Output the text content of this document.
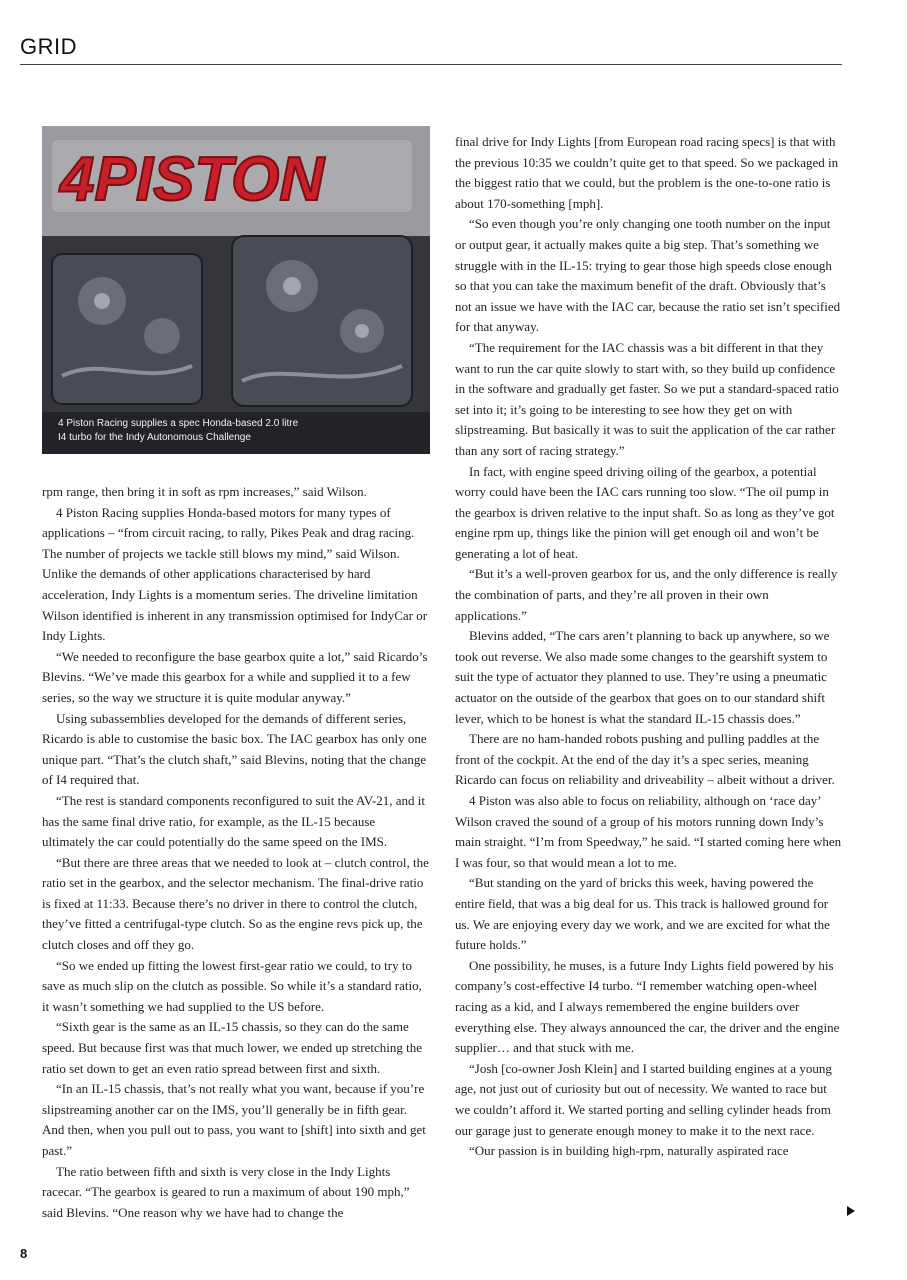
GRID
4PISTON
4 Piston Racing supplies a spec Honda-based 2.0 litre
I4 turbo for the Indy Autonomous Challenge

rpm range, then bring it in soft as rpm increases,” said Wilson.

4 Piston Racing supplies Honda-based motors for many types of applications – “from circuit racing, to rally, Pikes Peak and drag racing. The number of projects we tackle still blows my mind,” said Wilson. Unlike the demands of other applications characterised by hard acceleration, Indy Lights is a momentum series. The driveline limitation Wilson identified is inherent in any transmission optimised for IndyCar or Indy Lights.

“We needed to reconfigure the base gearbox quite a lot,” said Ricardo’s Blevins. “We’ve made this gearbox for a while and supplied it to a few series, so the way we structure it is quite modular anyway.”

Using subassemblies developed for the demands of different series, Ricardo is able to customise the basic box. The IAC gearbox has only one unique part. “That’s the clutch shaft,” said Blevins, noting that the change of I4 required that.

“The rest is standard components reconfigured to suit the AV-21, and it has the same final drive ratio, for example, as the IL-15 because ultimately the car could potentially do the same speed on the IMS.

“But there are three areas that we needed to look at – clutch control, the ratio set in the gearbox, and the selector mechanism. The final-drive ratio is fixed at 11:33. Because there’s no driver in there to control the clutch, they’ve fitted a centrifugal-type clutch. So as the engine revs pick up, the clutch closes and off they go.

“So we ended up fitting the lowest first-gear ratio we could, to try to save as much slip on the clutch as possible. So while it’s a standard ratio, it wasn’t something we had supplied to the US before.

“Sixth gear is the same as an IL-15 chassis, so they can do the same speed. But because first was that much lower, we ended up stretching the ratio set down to get an even ratio spread between first and sixth.

“In an IL-15 chassis, that’s not really what you want, because if you’re slipstreaming another car on the IMS, you’ll generally be in fifth gear. And then, when you pull out to pass, you want to [shift] into sixth and get past.”

The ratio between fifth and sixth is very close in the Indy Lights racecar. “The gearbox is geared to run a maximum of about 190 mph,” said Blevins. “One reason why we have had to change the

final drive for Indy Lights [from European road racing specs] is that with the previous 10:35 we couldn’t quite get to that speed. So we packaged in the biggest ratio that we could, but the problem is the one-to-one ratio is about 170-something [mph].

“So even though you’re only changing one tooth number on the input or output gear, it actually makes quite a big step. That’s something we struggle with in the IL-15: trying to gear those high speeds close enough so that you can take the maximum benefit of the draft. Obviously that’s not an issue we have with the IAC car, because the ratio set isn’t specified for that anyway.

“The requirement for the IAC chassis was a bit different in that they want to run the car quite slowly to start with, so they build up confidence in the software and gradually get faster. So we put a standard-spaced ratio set into it; it’s going to be interesting to see how they get on with slipstreaming. But basically it was to suit the application of the car rather than any sort of racing strategy.”

In fact, with engine speed driving oiling of the gearbox, a potential worry could have been the IAC cars running too slow. “The oil pump in the gearbox is driven relative to the input shaft. So as long as they’ve got engine rpm up, things like the pinion will get enough oil and won’t be generating a lot of heat.

“But it’s a well-proven gearbox for us, and the only difference is really the combination of parts, and they’re all proven in their own applications.”

Blevins added, “The cars aren’t planning to back up anywhere, so we took out reverse. We also made some changes to the gearshift system to suit the type of actuator they planned to use. They’re using a pneumatic actuator on the outside of the gearbox that goes on to our standard shift lever, which to be honest is what the standard IL-15 chassis does.”

There are no ham-handed robots pushing and pulling paddles at the front of the cockpit. At the end of the day it’s a spec series, meaning Ricardo can focus on reliability and driveability – albeit without a driver.

4 Piston was also able to focus on reliability, although on ‘race day’ Wilson craved the sound of a group of his motors running down Indy’s main straight. “I’m from Speedway,” he said. “I started coming here when I was four, so that would mean a lot to me.

“But standing on the yard of bricks this week, having powered the entire field, that was a big deal for us. This track is hallowed ground for us. We are enjoying every day we work, and we are excited for what the future holds.”

One possibility, he muses, is a future Indy Lights field powered by his company’s cost-effective I4 turbo. “I remember watching open-wheel racing as a kid, and I always remembered the engine builders over everything else. They always announced the car, the driver and the engine supplier… and that stuck with me.

“Josh [co-owner Josh Klein] and I started building engines at a young age, not just out of curiosity but out of necessity. We wanted to race but we couldn’t afford it. We started porting and selling cylinder heads from our garage just to generate enough money to make it to the next race.

“Our passion is in building high-rpm, naturally aspirated race

8
